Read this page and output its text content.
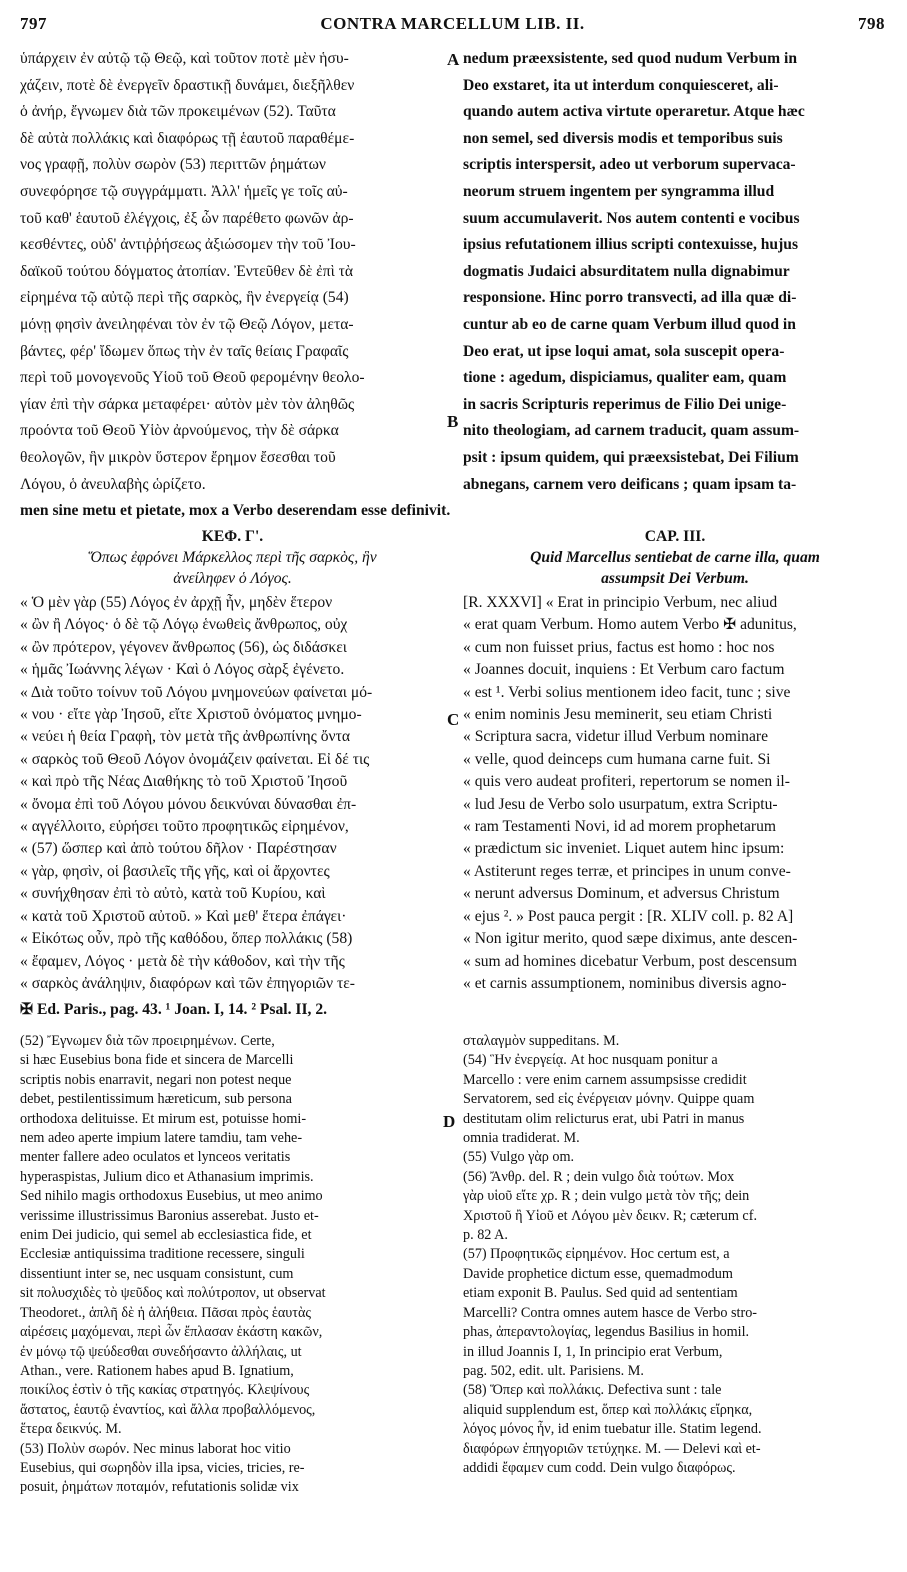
797	CONTRA MARCELLUM LIB. II.	798
ὑπάρχειν ἐν αὐτῷ τῷ Θεῷ, καὶ τοῦτον ποτὲ μὲν ἡσυ-
χάζειν, ποτὲ δὲ ἐνεργεῖν δραστικῇ δυνάμει, διεξῆλθεν
ὁ ἀνήρ, ἔγνωμεν διὰ τῶν προκειμένων (52). Ταῦτα
δὲ αὐτὰ πολλάκις καὶ διαφόρως τῇ ἑαυτοῦ παραθέμε-
νος γραφῇ, πολὺν σωρὸν (53) περιττῶν ῥημάτων
συνεφόρησε τῷ συγγράμματι. Ἀλλ' ἡμεῖς γε τοῖς αὐ-
τοῦ καθ' ἑαυτοῦ ἐλέγχοις, ἐξ ὧν παρέθετο φωνῶν ἀρ-
κεσθέντες, οὐδ' ἀντιῤῥήσεως ἀξιώσομεν τὴν τοῦ Ἰου-
δαϊκοῦ τούτου δόγματος ἀτοπίαν. Ἐντεῦθεν δὲ ἐπὶ τὰ
εἰρημένα τῷ αὐτῷ περὶ τῆς σαρκὸς, ἣν ἐνεργείᾳ (54)
μόνῃ φησὶν ἀνειληφέναι τὸν ἐν τῷ Θεῷ Λόγον, μετα-
βάντες, φέρ' ἴδωμεν ὅπως τὴν ἐν ταῖς θείαις Γραφαῖς
περὶ τοῦ μονογενοῦς Υἱοῦ τοῦ Θεοῦ φερομένην θεολο-
γίαν ἐπὶ τὴν σάρκα μεταφέρει· αὐτὸν μὲν τὸν ἀληθῶς
προόντα τοῦ Θεοῦ Υἱὸν ἀρνούμενος, τὴν δὲ σάρκα
θεολογῶν, ἣν μικρὸν ὕστερον ἔρημον ἔσεσθαι τοῦ
Λόγου, ὁ ἀνευλαβὴς ὡρίζετο.
nedum præexsistente, sed quod nudum Verbum in
Deo exstaret, ita ut interdum conquiesceret, ali-
quando autem activa virtute operaretur. Atque hæc
non semel, sed diversis modis et temporibus suis
scriptis interspersit, adeo ut verborum supervaca-
neorum struem ingentem per syngramma illud
suum accumulaverit. Nos autem contenti e vocibus
ipsius refutationem illius scripti contexuisse, hujus
dogmatis Judaici absurditatem nulla dignabimur
responsione. Hinc porro transvecti, ad illa quæ di-
cuntur ab eo de carne quam Verbum illud quod in
Deo erat, ut ipse loqui amat, sola suscepit opera-
tione : agedum, dispiciamus, qualiter eam, quam
in sacris Scripturis reperimus de Filio Dei unige-
nito theologiam, ad carnem traducit, quam assum-
psit : ipsum quidem, qui præexsistebat, Dei Filium
abnegans, carnem vero deificans ; quam ipsam ta-
A
B
C
D
men sine metu et pietate, mox a Verbo deserendam esse definivit.
ΚΕΦ. Γ'.
Ὅπως ἐφρόνει Μάρκελλος περὶ τῆς σαρκὸς, ἣν
ἀνείληφεν ὁ Λόγος.
CAP. III.
Quid Marcellus sentiebat de carne illa, quam
assumpsit Dei Verbum.
« Ὁ μὲν γὰρ (55) Λόγος ἐν ἀρχῇ ἦν, μηδὲν ἕτερον
« ὢν ἢ Λόγος· ὁ δὲ τῷ Λόγῳ ἑνωθεὶς ἄνθρωπος, οὐχ
« ὢν πρότερον, γέγονεν ἄνθρωπος (56), ὡς διδάσκει
« ἡμᾶς Ἰωάννης λέγων · Καὶ ὁ Λόγος σὰρξ ἐγένετο.
« Διὰ τοῦτο τοίνυν τοῦ Λόγου μνημονεύων φαίνεται μό-
« νου · εἴτε γὰρ Ἰησοῦ, εἴτε Χριστοῦ ὀνόματος μνημο-
« νεύει ἡ θεία Γραφὴ, τὸν μετὰ τῆς ἀνθρωπίνης ὄντα
« σαρκὸς τοῦ Θεοῦ Λόγον ὀνομάζειν φαίνεται. Εἰ δέ τις
« καὶ πρὸ τῆς Νέας Διαθήκης τὸ τοῦ Χριστοῦ Ἰησοῦ
« ὄνομα ἐπὶ τοῦ Λόγου μόνου δεικνύναι δύνασθαι ἐπ-
« αγγέλλοιτο, εὑρήσει τοῦτο προφητικῶς εἰρημένον,
« (57) ὥσπερ καὶ ἀπὸ τούτου δῆλον · Παρέστησαν
« γὰρ, φησὶν, οἱ βασιλεῖς τῆς γῆς, καὶ οἱ ἄρχοντες
« συνήχθησαν ἐπὶ τὸ αὐτὸ, κατὰ τοῦ Κυρίου, καὶ
« κατὰ τοῦ Χριστοῦ αὐτοῦ. » Καὶ μεθ' ἕτερα ἐπάγει·
« Εἰκότως οὖν, πρὸ τῆς καθόδου, ὅπερ πολλάκις (58)
« ἔφαμεν, Λόγος · μετὰ δὲ τὴν κάθοδον, καὶ τὴν τῆς
« σαρκὸς ἀνάληψιν, διαφόρων καὶ τῶν ἐπηγοριῶν τε-
[R. XXXVI] « Erat in principio Verbum, nec aliud
« erat quam Verbum. Homo autem Verbo ✠ adunitus,
« cum non fuisset prius, factus est homo : hoc nos
« Joannes docuit, inquiens : Et Verbum caro factum
« est ¹. Verbi solius mentionem ideo facit, tunc ; sive
« enim nominis Jesu meminerit, seu etiam Christi
« Scriptura sacra, videtur illud Verbum nominare
« velle, quod deinceps cum humana carne fuit. Si
« quis vero audeat profiteri, repertorum se nomen il-
« lud Jesu de Verbo solo usurpatum, extra Scriptu-
« ram Testamenti Novi, id ad morem prophetarum
« prædictum sic inveniet. Liquet autem hinc ipsum:
« Astiterunt reges terræ, et principes in unum conve-
« nerunt adversus Dominum, et adversus Christum
« ejus ². » Post pauca pergit : [R. XLIV coll. p. 82 A]
« Non igitur merito, quod sæpe diximus, ante descen-
« sum ad homines dicebatur Verbum, post descensum
« et carnis assumptionem, nominibus diversis agno-
✠ Ed. Paris., pag. 43. ¹ Joan. I, 14. ² Psal. II, 2.
(52) Ἔγνωμεν διὰ τῶν προειρημένων. Certe,
si hæc Eusebius bona fide et sincera de Marcelli
scriptis nobis enarravit, negari non potest neque
debet, pestilentissimum hæreticum, sub persona
orthodoxa delituisse. Et mirum est, potuisse homi-
nem adeo aperte impium latere tamdiu, tam vehe-
menter fallere adeo oculatos et lynceos veritatis
hyperaspistas, Julium dico et Athanasium imprimis.
Sed nihilo magis orthodoxus Eusebius, ut meo animo
verissime illustrissimus Baronius asserebat. Justo et-
enim Dei judicio, qui semel ab ecclesiastica fide, et
Ecclesiæ antiquissima traditione recessere, singuli
dissentiunt inter se, nec usquam consistunt, cum
sit πολυσχιδὲς τὸ ψεῦδος καὶ πολύτροπον, ut observat
Theodoret., ἁπλῆ δὲ ἡ ἀλήθεια. Πᾶσαι πρὸς ἑαυτὰς
αἱρέσεις μαχόμεναι, περὶ ὧν ἔπλασαν ἑκάστη κακῶν,
ἐν μόνῳ τῷ ψεύδεσθαι συνεδήσαντο ἀλλήλαις, ut
Athan., vere. Rationem habes apud B. Ignatium,
ποικίλος ἐστὶν ὁ τῆς κακίας στρατηγός. Κλεψίνους
ἄστατος, ἑαυτῷ ἐναντίος, καὶ ἄλλα προβαλλόμενος,
ἕτερα δεικνύς. M.
(53) Πολὺν σωρόν. Nec minus laborat hoc vitio
Eusebius, qui σωρηδὸν illa ipsa, vicies, tricies, re-
posuit, ῥημάτων ποταμόν, refutationis solidæ vix
σταλαγμὸν suppeditans. M.
(54) Ἣν ἐνεργείᾳ. At hoc nusquam ponitur a
Marcello : vere enim carnem assumpsisse credidit
Servatorem, sed εἰς ἐνέργειαν μόνην. Quippe quam
destitutam olim relicturus erat, ubi Patri in manus
omnia tradiderat. M.
(55) Vulgo γὰρ om.
(56) Ἄνθρ. del. R ; dein vulgo διὰ τούτων. Mox
γὰρ υἱοῦ εἴτε χρ. R ; dein vulgo μετὰ τὸν τῆς; dein
Χριστοῦ ἢ Υἱοῦ et Λόγου μὲν δεικν. R; cæterum cf.
p. 82 A.
(57) Προφητικῶς εἰρημένον. Hoc certum est, a
Davide prophetice dictum esse, quemadmodum
etiam exponit B. Paulus. Sed quid ad sententiam
Marcelli? Contra omnes autem hasce de Verbo stro-
phas, ἀπεραντολογίας, legendus Basilius in homil.
in illud Joannis I, 1, In principio erat Verbum,
pag. 502, edit. ult. Parisiens. M.
(58) Ὅπερ καὶ πολλάκις. Defectiva sunt : tale
aliquid supplendum est, ὅπερ καὶ πολλάκις εἴρηκα,
λόγος μόνος ἦν, id enim tuebatur ille. Statim legend.
διαφόρων ἐπηγοριῶν τετύχηκε. M. — Delevi καὶ et-
addidi ἔφαμεν cum codd. Dein vulgo διαφόρως.
